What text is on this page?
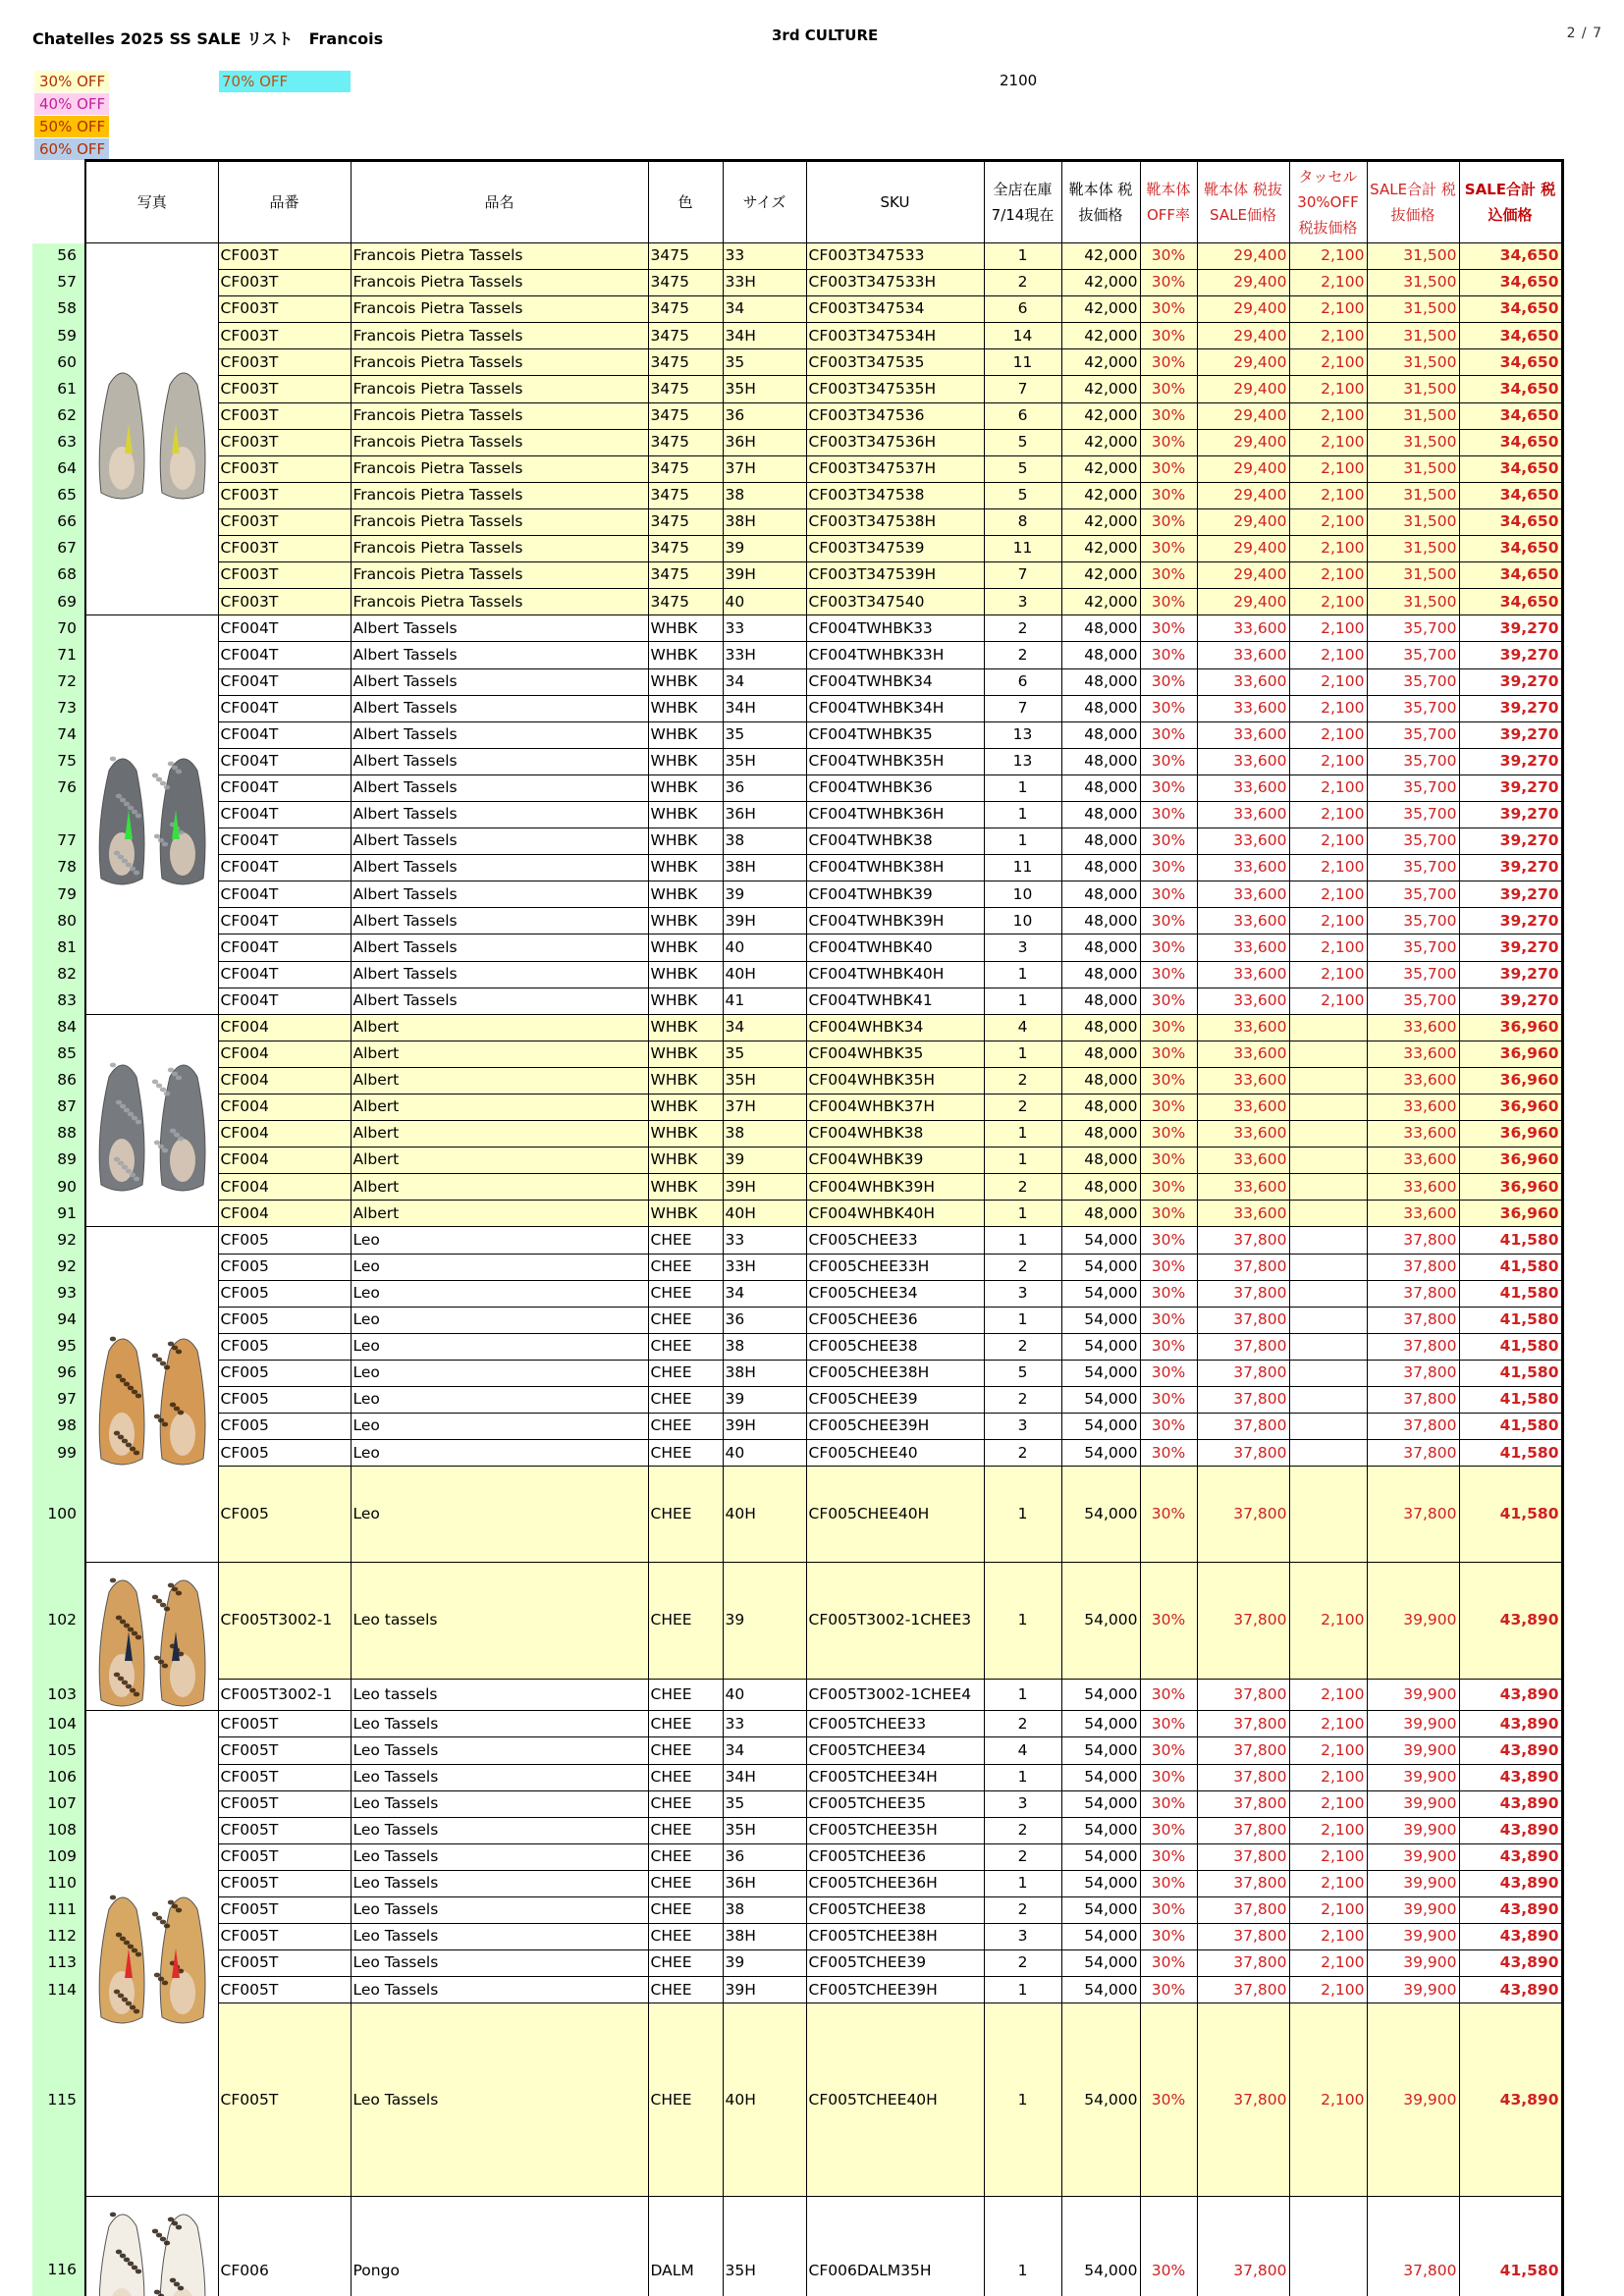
Chatelles 2025 SS SALE リスト　Francois	3rd CULTURE	2 / 7
30% OFF
40% OFF
50% OFF
60% OFF
70% OFF	2100
	写真	品番	品名	色	サイズ	SKU	全店在庫 7/14現在	靴本体 税抜価格	靴本体 OFF率	靴本体 税抜SALE価格	タッセル 30%OFF 税抜価格	SALE合計 税抜価格	SALE合計 税込価格
56		CF003T	Francois Pietra Tassels	3475	33	CF003T347533	1	42,000	30%	29,400	2,100	31,500	34,650
57		CF003T	Francois Pietra Tassels	3475	33H	CF003T347533H	2	42,000	30%	29,400	2,100	31,500	34,650
58		CF003T	Francois Pietra Tassels	3475	34	CF003T347534	6	42,000	30%	29,400	2,100	31,500	34,650
59		CF003T	Francois Pietra Tassels	3475	34H	CF003T347534H	14	42,000	30%	29,400	2,100	31,500	34,650
60		CF003T	Francois Pietra Tassels	3475	35	CF003T347535	11	42,000	30%	29,400	2,100	31,500	34,650
61		CF003T	Francois Pietra Tassels	3475	35H	CF003T347535H	7	42,000	30%	29,400	2,100	31,500	34,650
62		CF003T	Francois Pietra Tassels	3475	36	CF003T347536	6	42,000	30%	29,400	2,100	31,500	34,650
63		CF003T	Francois Pietra Tassels	3475	36H	CF003T347536H	5	42,000	30%	29,400	2,100	31,500	34,650
64		CF003T	Francois Pietra Tassels	3475	37H	CF003T347537H	5	42,000	30%	29,400	2,100	31,500	34,650
65		CF003T	Francois Pietra Tassels	3475	38	CF003T347538	5	42,000	30%	29,400	2,100	31,500	34,650
66		CF003T	Francois Pietra Tassels	3475	38H	CF003T347538H	8	42,000	30%	29,400	2,100	31,500	34,650
67		CF003T	Francois Pietra Tassels	3475	39	CF003T347539	11	42,000	30%	29,400	2,100	31,500	34,650
68		CF003T	Francois Pietra Tassels	3475	39H	CF003T347539H	7	42,000	30%	29,400	2,100	31,500	34,650
69		CF003T	Francois Pietra Tassels	3475	40	CF003T347540	3	42,000	30%	29,400	2,100	31,500	34,650
70		CF004T	Albert Tassels	WHBK	33	CF004TWHBK33	2	48,000	30%	33,600	2,100	35,700	39,270
71		CF004T	Albert Tassels	WHBK	33H	CF004TWHBK33H	2	48,000	30%	33,600	2,100	35,700	39,270
72		CF004T	Albert Tassels	WHBK	34	CF004TWHBK34	6	48,000	30%	33,600	2,100	35,700	39,270
73		CF004T	Albert Tassels	WHBK	34H	CF004TWHBK34H	7	48,000	30%	33,600	2,100	35,700	39,270
74		CF004T	Albert Tassels	WHBK	35	CF004TWHBK35	13	48,000	30%	33,600	2,100	35,700	39,270
75		CF004T	Albert Tassels	WHBK	35H	CF004TWHBK35H	13	48,000	30%	33,600	2,100	35,700	39,270
76		CF004T	Albert Tassels	WHBK	36	CF004TWHBK36	1	48,000	30%	33,600	2,100	35,700	39,270
		CF004T	Albert Tassels	WHBK	36H	CF004TWHBK36H	1	48,000	30%	33,600	2,100	35,700	39,270
77		CF004T	Albert Tassels	WHBK	38	CF004TWHBK38	1	48,000	30%	33,600	2,100	35,700	39,270
78		CF004T	Albert Tassels	WHBK	38H	CF004TWHBK38H	11	48,000	30%	33,600	2,100	35,700	39,270
79		CF004T	Albert Tassels	WHBK	39	CF004TWHBK39	10	48,000	30%	33,600	2,100	35,700	39,270
80		CF004T	Albert Tassels	WHBK	39H	CF004TWHBK39H	10	48,000	30%	33,600	2,100	35,700	39,270
81		CF004T	Albert Tassels	WHBK	40	CF004TWHBK40	3	48,000	30%	33,600	2,100	35,700	39,270
82		CF004T	Albert Tassels	WHBK	40H	CF004TWHBK40H	1	48,000	30%	33,600	2,100	35,700	39,270
83		CF004T	Albert Tassels	WHBK	41	CF004TWHBK41	1	48,000	30%	33,600	2,100	35,700	39,270
84		CF004	Albert	WHBK	34	CF004WHBK34	4	48,000	30%	33,600		33,600	36,960
85		CF004	Albert	WHBK	35	CF004WHBK35	1	48,000	30%	33,600		33,600	36,960
86		CF004	Albert	WHBK	35H	CF004WHBK35H	2	48,000	30%	33,600		33,600	36,960
87		CF004	Albert	WHBK	37H	CF004WHBK37H	2	48,000	30%	33,600		33,600	36,960
88		CF004	Albert	WHBK	38	CF004WHBK38	1	48,000	30%	33,600		33,600	36,960
89		CF004	Albert	WHBK	39	CF004WHBK39	1	48,000	30%	33,600		33,600	36,960
90		CF004	Albert	WHBK	39H	CF004WHBK39H	2	48,000	30%	33,600		33,600	36,960
91		CF004	Albert	WHBK	40H	CF004WHBK40H	1	48,000	30%	33,600		33,600	36,960
92		CF005	Leo	CHEE	33	CF005CHEE33	1	54,000	30%	37,800		37,800	41,580
92		CF005	Leo	CHEE	33H	CF005CHEE33H	2	54,000	30%	37,800		37,800	41,580
93		CF005	Leo	CHEE	34	CF005CHEE34	3	54,000	30%	37,800		37,800	41,580
94		CF005	Leo	CHEE	36	CF005CHEE36	1	54,000	30%	37,800		37,800	41,580
95		CF005	Leo	CHEE	38	CF005CHEE38	2	54,000	30%	37,800		37,800	41,580
96		CF005	Leo	CHEE	38H	CF005CHEE38H	5	54,000	30%	37,800		37,800	41,580
97		CF005	Leo	CHEE	39	CF005CHEE39	2	54,000	30%	37,800		37,800	41,580
98		CF005	Leo	CHEE	39H	CF005CHEE39H	3	54,000	30%	37,800		37,800	41,580
99		CF005	Leo	CHEE	40	CF005CHEE40	2	54,000	30%	37,800		37,800	41,580
100		CF005	Leo	CHEE	40H	CF005CHEE40H	1	54,000	30%	37,800		37,800	41,580
102		CF005T3002-1	Leo tassels	CHEE	39	CF005T3002-1CHEE3	1	54,000	30%	37,800	2,100	39,900	43,890
103		CF005T3002-1	Leo tassels	CHEE	40	CF005T3002-1CHEE4	1	54,000	30%	37,800	2,100	39,900	43,890
104		CF005T	Leo Tassels	CHEE	33	CF005TCHEE33	2	54,000	30%	37,800	2,100	39,900	43,890
105		CF005T	Leo Tassels	CHEE	34	CF005TCHEE34	4	54,000	30%	37,800	2,100	39,900	43,890
106		CF005T	Leo Tassels	CHEE	34H	CF005TCHEE34H	1	54,000	30%	37,800	2,100	39,900	43,890
107		CF005T	Leo Tassels	CHEE	35	CF005TCHEE35	3	54,000	30%	37,800	2,100	39,900	43,890
108		CF005T	Leo Tassels	CHEE	35H	CF005TCHEE35H	2	54,000	30%	37,800	2,100	39,900	43,890
109		CF005T	Leo Tassels	CHEE	36	CF005TCHEE36	2	54,000	30%	37,800	2,100	39,900	43,890
110		CF005T	Leo Tassels	CHEE	36H	CF005TCHEE36H	1	54,000	30%	37,800	2,100	39,900	43,890
111		CF005T	Leo Tassels	CHEE	38	CF005TCHEE38	2	54,000	30%	37,800	2,100	39,900	43,890
112		CF005T	Leo Tassels	CHEE	38H	CF005TCHEE38H	3	54,000	30%	37,800	2,100	39,900	43,890
113		CF005T	Leo Tassels	CHEE	39	CF005TCHEE39	2	54,000	30%	37,800	2,100	39,900	43,890
114		CF005T	Leo Tassels	CHEE	39H	CF005TCHEE39H	1	54,000	30%	37,800	2,100	39,900	43,890
115		CF005T	Leo Tassels	CHEE	40H	CF005TCHEE40H	1	54,000	30%	37,800	2,100	39,900	43,890
116		CF006	Pongo	DALM	35H	CF006DALM35H	1	54,000	30%	37,800		37,800	41,580
